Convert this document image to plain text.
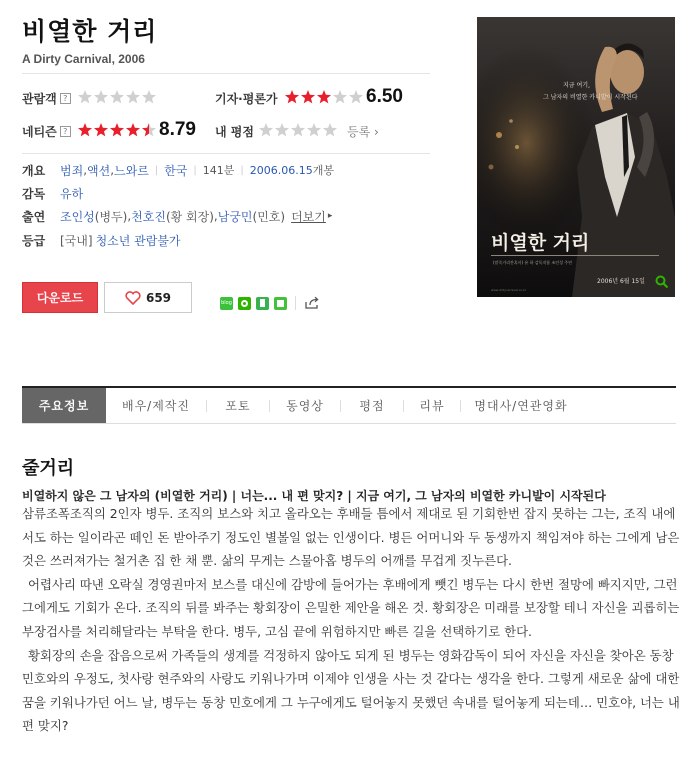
비열한 거리
A Dirty Carnival, 2006
관람객 ?	기자·평론가	6.50
네티즌 ?	8.79 내 평점	등록 ›
개요	범죄 , 액션 , 느와르 | 한국 | 141분 | 2006.06.15 개봉
감독	유하
출연	조인성 (병두) , 천호진 (황 회장) , 남궁민 (민호) 더보기 ▸
등급	[국내] 청소년 관람불가
다운로드	659	blog
지금 여기,
그 남자의 비열한 카니발이 시작된다
비열한 거리
(말죽거리잔혹사) 유 하 감독작품 조인성 주연
2006년 6월 15일
www.dirtycarnival.co.kr
주요정보	배우/제작진	포토	동영상	평점	리뷰	명대사/연관영화
줄거리
비열하지 않은 그 남자의 (비열한 거리) | 너는... 내 편 맞지? | 지금 여기, 그 남자의 비열한 카니발이 시작된다

삼류조폭조직의 2인자 병두. 조직의 보스와 치고 올라오는 후배들 틈에서 제대로 된 기회한번 잡지 못하는 그는, 조직 내에서도 하는 일이라곤 떼인 돈 받아주기 정도인 별볼일 없는 인생이다. 병든 어머니와 두 동생까지 책임져야 하는 그에게 남은 것은 쓰러져가는 철거촌 집 한 채 뿐. 삶의 무게는 스물아홉 병두의 어깨를 무겁게 짓누른다.

어렵사리 따낸 오락실 경영권마저 보스를 대신에 감방에 들어가는 후배에게 뺏긴 병두는 다시 한번 절망에 빠지지만, 그런 그에게도 기회가 온다. 조직의 뒤를 봐주는 황회장이 은밀한 제안을 해온 것. 황회장은 미래를 보장할 테니 자신을 괴롭히는 부장검사를 처리해달라는 부탁을 한다. 병두, 고심 끝에 위험하지만 빠른 길을 선택하기로 한다.

황회장의 손을 잡음으로써 가족들의 생계를 걱정하지 않아도 되게 된 병두는 영화감독이 되어 자신을 자신을 찾아온 동창 민호와의 우정도, 첫사랑 현주와의 사랑도 키워나가며 이제야 인생을 사는 것 같다는 생각을 한다. 그렇게 새로운 삶에 대한 꿈을 키워나가던 어느 날, 병두는 동창 민호에게 그 누구에게도 털어놓지 못했던 속내를 털어놓게 되는데… 민호야, 너는 내 편 맞지?
